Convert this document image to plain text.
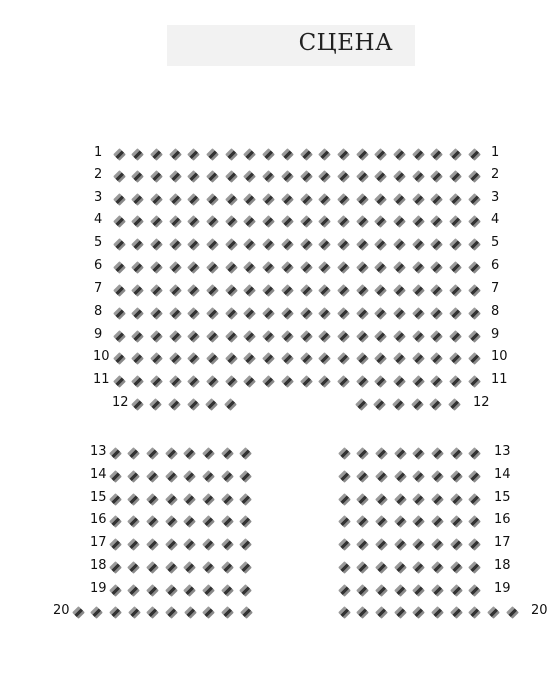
СЦЕНА
1	1
2	2
3	3
4	4
5	5
6	6
7	7
8	8
9	9
10	10
11	11
12	12
13	13
14	14
15	15
16	16
17	17
18	18
19	19
20	20
